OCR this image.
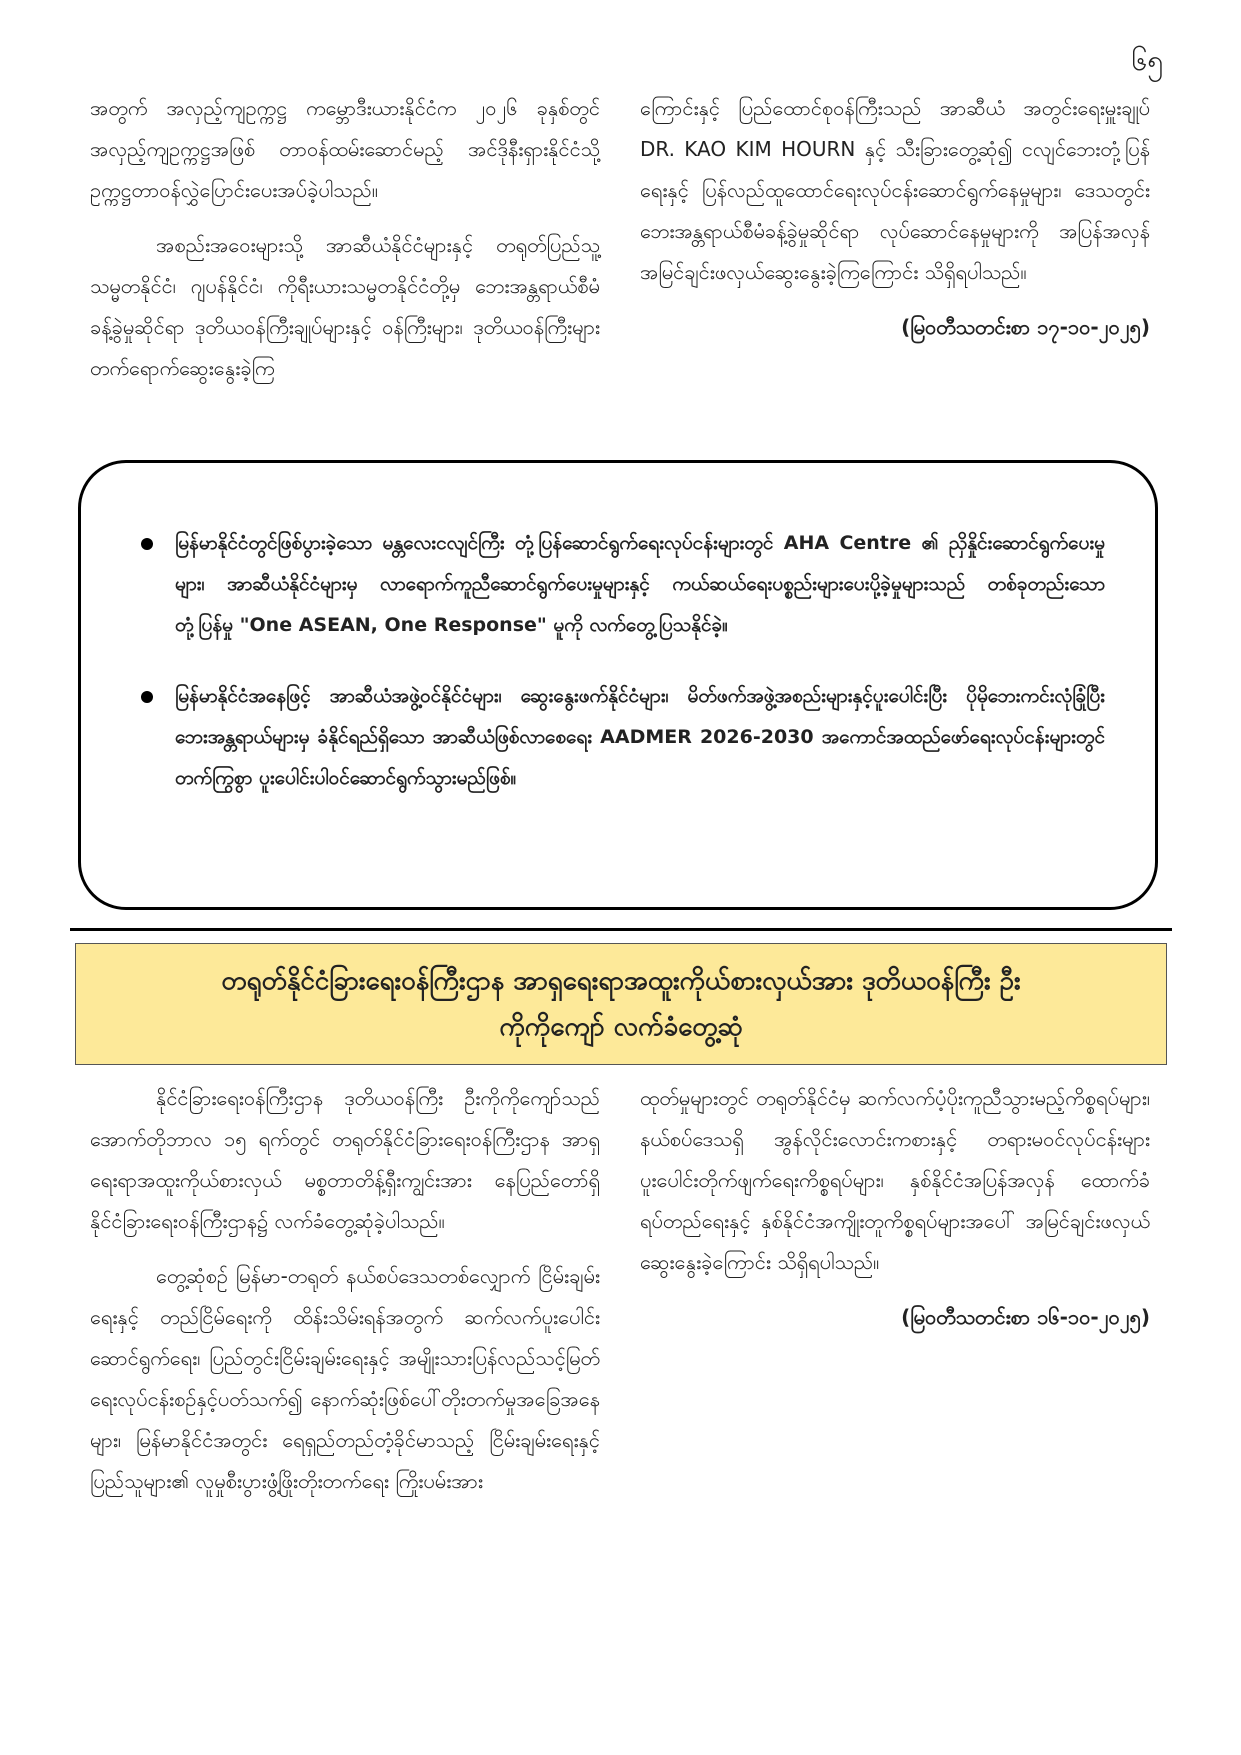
၆၅

အတွက် အလှည့်ကျဥက္ကဋ္ဌ ကမ္ဘောဒီးယားနိုင်ငံက ၂၀၂၆ ခုနှစ်တွင် အလှည့်ကျဥက္ကဋ္ဌအဖြစ် တာဝန်ထမ်းဆောင်မည့် အင်ဒိုနီးရှားနိုင်ငံသို့ ဥက္ကဋ္ဌတာဝန်လွှဲပြောင်းပေးအပ်ခဲ့ပါသည်။

အစည်းအဝေးများသို့ အာဆီယံနိုင်ငံများနှင့် တရုတ်ပြည်သူ့သမ္မတနိုင်ငံ၊ ဂျပန်နိုင်ငံ၊ ကိုရီးယားသမ္မတနိုင်ငံတို့မှ ဘေးအန္တရာယ်စီမံခန့်ခွဲမှုဆိုင်ရာ ဒုတိယဝန်ကြီးချုပ်များနှင့် ဝန်ကြီးများ၊ ဒုတိယဝန်ကြီးများ တက်ရောက်ဆွေးနွေးခဲ့ကြ

ကြောင်းနှင့် ပြည်ထောင်စုဝန်ကြီးသည် အာဆီယံ အတွင်းရေးမှူးချုပ် DR. KAO KIM HOURN နှင့် သီးခြားတွေ့ဆုံ၍ ငလျင်ဘေးတုံ့ပြန်ရေးနှင့် ပြန်လည်ထူထောင်ရေးလုပ်ငန်းဆောင်ရွက်နေမှုများ၊ ဒေသတွင်းဘေးအန္တရာယ်စီမံခန့်ခွဲမှုဆိုင်ရာ လုပ်ဆောင်နေမှုများကို အပြန်အလှန် အမြင်ချင်းဖလှယ်ဆွေးနွေးခဲ့ကြကြောင်း သိရှိရပါသည်။

(မြဝတီသတင်းစာ ၁၇-၁၀-၂၀၂၅)
မြန်မာနိုင်ငံတွင်ဖြစ်ပွားခဲ့သော မန္တလေးငလျင်ကြီး တုံ့ပြန်ဆောင်ရွက်ရေးလုပ်ငန်းများတွင် AHA Centre ၏ ညှိနှိုင်းဆောင်ရွက်ပေးမှုများ၊ အာဆီယံနိုင်ငံများမှ လာရောက်ကူညီဆောင်ရွက်ပေးမှုများနှင့် ကယ်ဆယ်ရေးပစ္စည်းများပေးပို့ခဲ့မှုများသည် တစ်ခုတည်းသော တုံ့ပြန်မှု "One ASEAN, One Response" မူကို လက်တွေ့ပြသနိုင်ခဲ့။
မြန်မာနိုင်ငံအနေဖြင့် အာဆီယံအဖွဲ့ဝင်နိုင်ငံများ၊ ဆွေးနွေးဖက်နိုင်ငံများ၊ မိတ်ဖက်အဖွဲ့အစည်းများနှင့်ပူးပေါင်းပြီး ပိုမိုဘေးကင်းလုံခြုံပြီး ဘေးအန္တရာယ်များမှ ခံနိုင်ရည်ရှိသော အာဆီယံဖြစ်လာစေရေး AADMER 2026-2030 အကောင်အထည်ဖော်ရေးလုပ်ငန်းများတွင် တက်ကြွစွာ ပူးပေါင်းပါဝင်ဆောင်ရွက်သွားမည်ဖြစ်။
တရုတ်နိုင်ငံခြားရေးဝန်ကြီးဌာန အာရှရေးရာအထူးကိုယ်စားလှယ်အား ဒုတိယဝန်ကြီး ဦးကိုကိုကျော် လက်ခံတွေ့ဆုံ

နိုင်ငံခြားရေးဝန်ကြီးဌာန ဒုတိယဝန်ကြီး ဦးကိုကိုကျော်သည် အောက်တိုဘာလ ၁၅ ရက်တွင် တရုတ်နိုင်ငံခြားရေးဝန်ကြီးဌာန အာရှရေးရာအထူးကိုယ်စားလှယ် မစ္စတာတိန့်ရှီးကျွင်းအား နေပြည်တော်ရှိ နိုင်ငံခြားရေးဝန်ကြီးဌာန၌ လက်ခံတွေ့ဆုံခဲ့ပါသည်။

တွေ့ဆုံစဉ် မြန်မာ-တရုတ် နယ်စပ်ဒေသတစ်လျှောက် ငြိမ်းချမ်းရေးနှင့် တည်ငြိမ်ရေးကို ထိန်းသိမ်းရန်အတွက် ဆက်လက်ပူးပေါင်းဆောင်ရွက်ရေး၊ ပြည်တွင်းငြိမ်းချမ်းရေးနှင့် အမျိုးသားပြန်လည်သင့်မြတ်ရေးလုပ်ငန်းစဉ်နှင့်ပတ်သက်၍ နောက်ဆုံးဖြစ်ပေါ်တိုးတက်မှုအခြေအနေများ၊ မြန်မာနိုင်ငံအတွင်း ရေရှည်တည်တံ့ခိုင်မာသည့် ငြိမ်းချမ်းရေးနှင့် ပြည်သူများ၏ လူမှုစီးပွားဖွံ့ဖြိုးတိုးတက်ရေး ကြိုးပမ်းအား

ထုတ်မှုများတွင် တရုတ်နိုင်ငံမှ ဆက်လက်ပံ့ပိုးကူညီသွားမည့်ကိစ္စရပ်များ၊ နယ်စပ်ဒေသရှိ အွန်လိုင်းလောင်းကစားနှင့် တရားမဝင်လုပ်ငန်းများ ပူးပေါင်းတိုက်ဖျက်ရေးကိစ္စရပ်များ၊ နှစ်နိုင်ငံအပြန်အလှန် ထောက်ခံရပ်တည်ရေးနှင့် နှစ်နိုင်ငံအကျိုးတူကိစ္စရပ်များအပေါ် အမြင်ချင်းဖလှယ် ဆွေးနွေးခဲ့ကြောင်း သိရှိရပါသည်။

(မြဝတီသတင်းစာ ၁၆-၁၀-၂၀၂၅)
